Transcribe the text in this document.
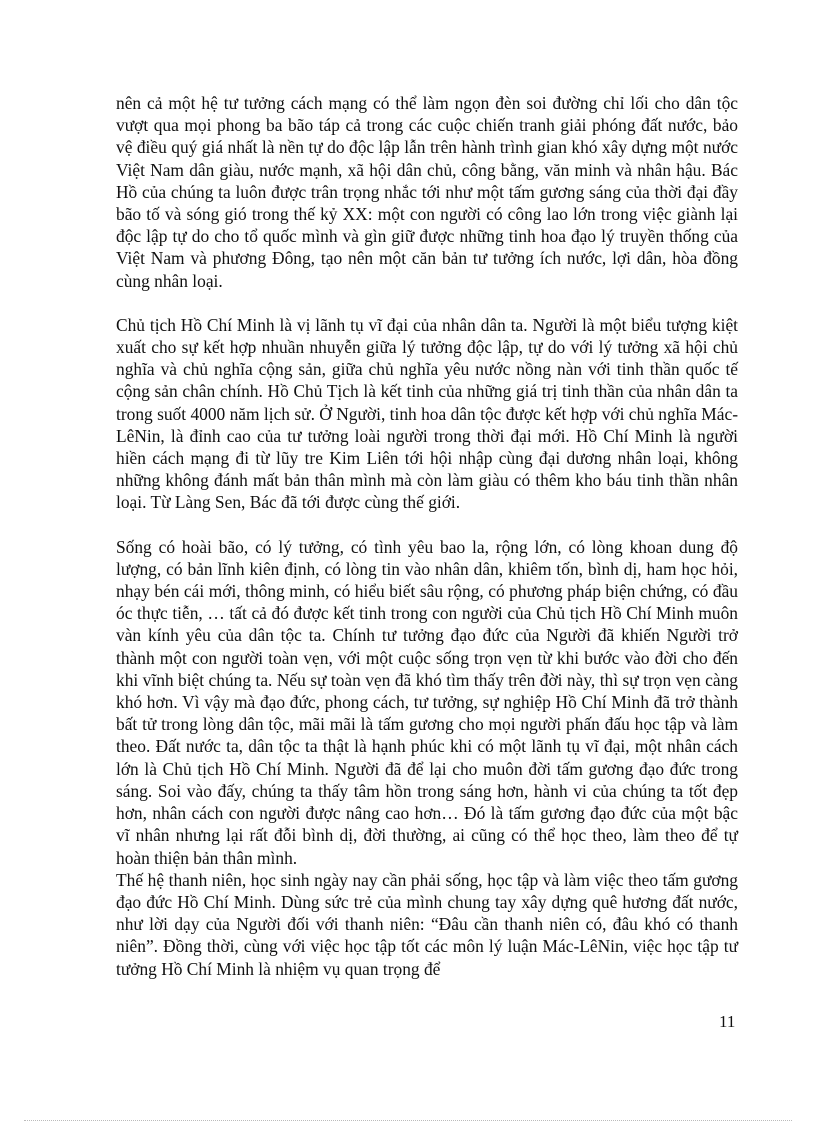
nên cả một hệ tư tưởng cách mạng có thể làm ngọn đèn soi đường chỉ lối cho dân tộc vượt qua mọi phong ba bão táp cả trong các cuộc chiến tranh giải phóng đất nước, bảo vệ điều quý giá nhất là nền tự do độc lập lẫn trên hành trình gian khó xây dựng một nước Việt Nam dân giàu, nước mạnh, xã hội dân chủ, công bằng, văn minh và nhân hậu. Bác Hồ của chúng ta luôn được trân trọng nhắc tới như một tấm gương sáng của thời đại đầy bão tố và sóng gió trong thế kỷ XX: một con người có công lao lớn trong việc giành lại độc lập tự do cho tổ quốc mình và gìn giữ được những tinh hoa đạo lý truyền thống của Việt Nam và phương Đông, tạo nên một căn bản tư tưởng ích nước, lợi dân, hòa đồng cùng nhân loại.

Chủ tịch Hồ Chí Minh là vị lãnh tụ vĩ đại của nhân dân ta. Người là một biểu tượng kiệt xuất cho sự kết hợp nhuần nhuyễn giữa lý tưởng độc lập, tự do với lý tưởng xã hội chủ nghĩa và chủ nghĩa cộng sản, giữa chủ nghĩa yêu nước nồng nàn với tinh thần quốc tế cộng sản chân chính. Hồ Chủ Tịch là kết tinh của những giá trị tinh thần của nhân dân ta trong suốt 4000 năm lịch sử. Ở Người, tinh hoa dân tộc được kết hợp với chủ nghĩa Mác-LêNin, là đỉnh cao của tư tưởng loài người trong thời đại mới. Hồ Chí Minh là người hiền cách mạng đi từ lũy tre Kim Liên tới hội nhập cùng đại dương nhân loại, không những không đánh mất bản thân mình mà còn làm giàu có thêm kho báu tinh thần nhân loại. Từ Làng Sen, Bác đã tới được cùng thế giới.

Sống có hoài bão, có lý tưởng, có tình yêu bao la, rộng lớn, có lòng khoan dung độ lượng, có bản lĩnh kiên định, có lòng tin vào nhân dân, khiêm tốn, bình dị, ham học hỏi, nhạy bén cái mới, thông minh, có hiểu biết sâu rộng, có phương pháp biện chứng, có đầu óc thực tiễn, … tất cả đó được kết tinh trong con người của Chủ tịch Hồ Chí Minh muôn vàn kính yêu của dân tộc ta. Chính tư tưởng đạo đức của Người đã khiến Người trở thành một con người toàn vẹn, với một cuộc sống trọn vẹn từ khi bước vào đời cho đến khi vĩnh biệt chúng ta. Nếu sự toàn vẹn đã khó tìm thấy trên đời này, thì sự trọn vẹn càng khó hơn. Vì vậy mà đạo đức, phong cách, tư tưởng, sự nghiệp Hồ Chí Minh đã trở thành bất tử trong lòng dân tộc, mãi mãi là tấm gương cho mọi người phấn đấu học tập và làm theo. Đất nước ta, dân tộc ta thật là hạnh phúc khi có một lãnh tụ vĩ đại, một nhân cách lớn là Chủ tịch Hồ Chí Minh. Người đã để lại cho muôn đời tấm gương đạo đức trong sáng. Soi vào đấy, chúng ta thấy tâm hồn trong sáng hơn, hành vi của chúng ta tốt đẹp hơn, nhân cách con người được nâng cao hơn… Đó là tấm gương đạo đức của một bậc vĩ nhân nhưng lại rất đỗi bình dị, đời thường, ai cũng có thể học theo, làm theo để tự hoàn thiện bản thân mình.

Thế hệ thanh niên, học sinh ngày nay cần phải sống, học tập và làm việc theo tấm gương đạo đức Hồ Chí Minh. Dùng sức trẻ của mình chung tay xây dựng quê hương đất nước, như lời dạy của Người đối với thanh niên: “Đâu cần thanh niên có, đâu khó có thanh niên”. Đồng thời, cùng với việc học tập tốt các môn lý luận Mác-LêNin, việc học tập tư tưởng Hồ Chí Minh là nhiệm vụ quan trọng để

11
